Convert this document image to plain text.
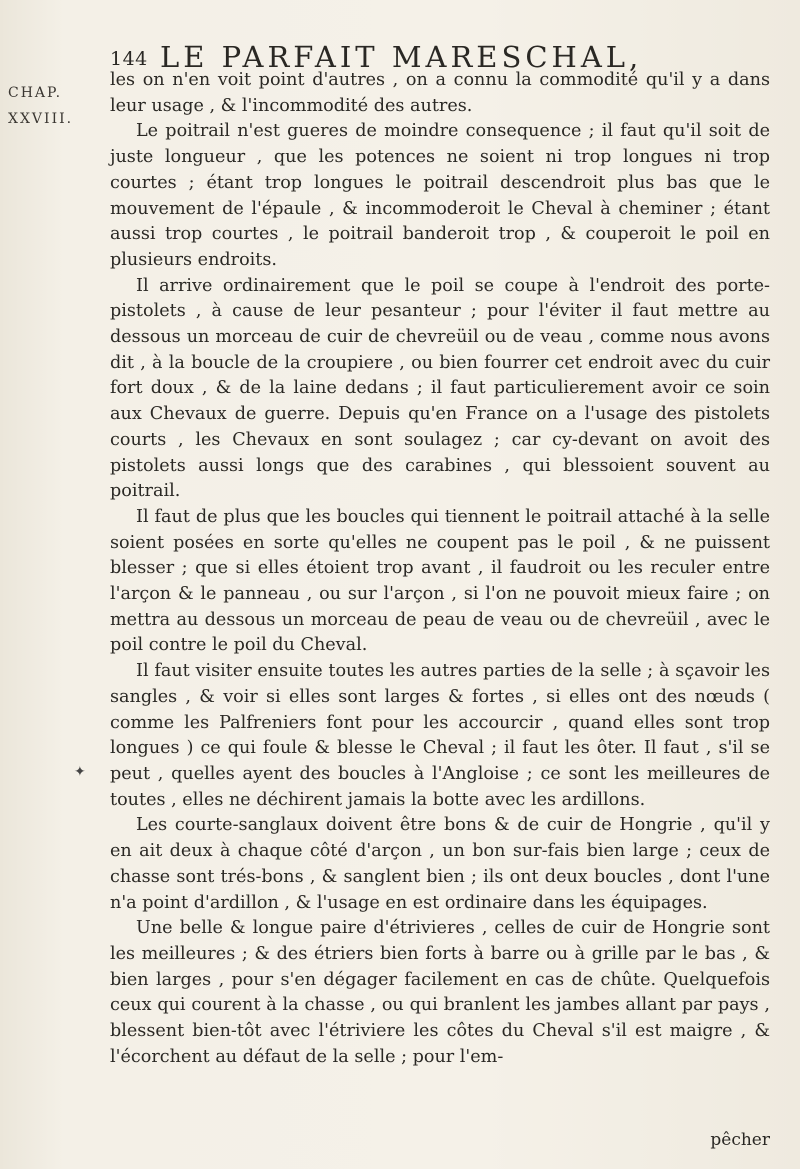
144 LE PARFAIT MARESCHAL,
CHAP.
XXVIII.
✦

les on n'en voit point d'autres , on a connu la commodité qu'il y a dans leur usage , & l'incommodité des autres.

Le poitrail n'est gueres de moindre consequence ; il faut qu'il soit de juste longueur , que les potences ne soient ni trop longues ni trop courtes ; étant trop longues le poitrail descendroit plus bas que le mouvement de l'épaule , & incommoderoit le Cheval à cheminer ; étant aussi trop courtes , le poitrail banderoit trop , & couperoit le poil en plusieurs endroits.

Il arrive ordinairement que le poil se coupe à l'endroit des porte-pistolets , à cause de leur pesanteur ; pour l'éviter il faut mettre au dessous un morceau de cuir de chevreüil ou de veau , comme nous avons dit , à la boucle de la croupiere , ou bien fourrer cet endroit avec du cuir fort doux , & de la laine dedans ; il faut particulierement avoir ce soin aux Chevaux de guerre. Depuis qu'en France on a l'usage des pistolets courts , les Chevaux en sont soulagez ; car cy-devant on avoit des pistolets aussi longs que des carabines , qui blessoient souvent au poitrail.

Il faut de plus que les boucles qui tiennent le poitrail attaché à la selle soient posées en sorte qu'elles ne coupent pas le poil , & ne puissent blesser ; que si elles étoient trop avant , il faudroit ou les reculer entre l'arçon & le panneau , ou sur l'arçon , si l'on ne pouvoit mieux faire ; on mettra au dessous un morceau de peau de veau ou de chevreüil , avec le poil contre le poil du Cheval.

Il faut visiter ensuite toutes les autres parties de la selle ; à sçavoir les sangles , & voir si elles sont larges & fortes , si elles ont des nœuds ( comme les Palfreniers font pour les accourcir , quand elles sont trop longues ) ce qui foule & blesse le Cheval ; il faut les ôter. Il faut , s'il se peut , quelles ayent des boucles à l'Angloise ; ce sont les meilleures de toutes , elles ne déchirent jamais la botte avec les ardillons.

Les courte-sanglaux doivent être bons & de cuir de Hongrie , qu'il y en ait deux à chaque côté d'arçon , un bon sur-fais bien large ; ceux de chasse sont trés-bons , & sanglent bien ; ils ont deux boucles , dont l'une n'a point d'ardillon , & l'usage en est ordinaire dans les équipages.

Une belle & longue paire d'étrivieres , celles de cuir de Hongrie sont les meilleures ; & des étriers bien forts à barre ou à grille par le bas , & bien larges , pour s'en dégager facilement en cas de chûte. Quelquefois ceux qui courent à la chasse , ou qui branlent les jambes allant par pays , blessent bien-tôt avec l'étriviere les côtes du Cheval s'il est maigre , & l'écorchent au défaut de la selle ; pour l'em-

pêcher
